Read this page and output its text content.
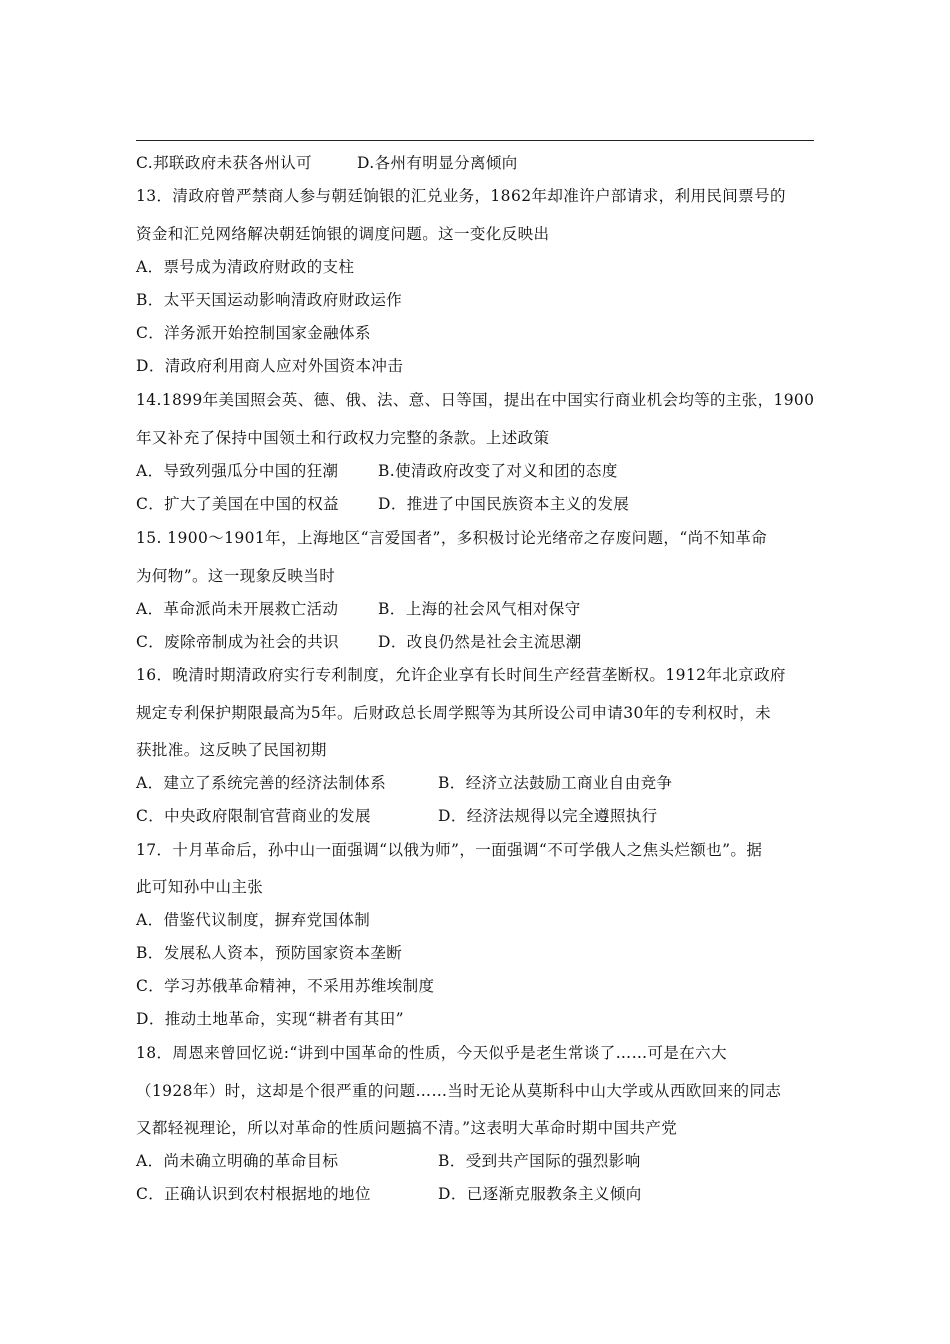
C.邦联政府未获各州认可	D.各州有明显分离倾向
13．清政府曾严禁商人参与朝廷饷银的汇兑业务，1862年却准许户部请求，利用民间票号的
资金和汇兑网络解决朝廷饷银的调度问题。这一变化反映出
A．票号成为清政府财政的支柱
B．太平天国运动影响清政府财政运作
C．洋务派开始控制国家金融体系
D．清政府利用商人应对外国资本冲击
14.1899年美国照会英、德、俄、法、意、日等国，提出在中国实行商业机会均等的主张，1900
年又补充了保持中国领土和行政权力完整的条款。上述政策
A．导致列强瓜分中国的狂潮	B.使清政府改变了对义和团的态度
C．扩大了美国在中国的权益	D．推进了中国民族资本主义的发展
15. 1900～1901年，上海地区“言爱国者”，多积极讨论光绪帝之存废问题，“尚不知革命
为何物”。这一现象反映当时
A．革命派尚未开展救亡活动	B．上海的社会风气相对保守
C．废除帝制成为社会的共识	D．改良仍然是社会主流思潮
16．晚清时期清政府实行专利制度，允许企业享有长时间生产经营垄断权。1912年北京政府
规定专利保护期限最高为5年。后财政总长周学熙等为其所设公司申请30年的专利权时，未
获批准。这反映了民国初期
A．建立了系统完善的经济法制体系	B．经济立法鼓励工商业自由竞争
C．中央政府限制官营商业的发展	D．经济法规得以完全遵照执行
17．十月革命后，孙中山一面强调“以俄为师”，一面强调“不可学俄人之焦头烂额也”。据
此可知孙中山主张
A．借鉴代议制度，摒弃党国体制
B．发展私人资本，预防国家资本垄断
C．学习苏俄革命精神，不采用苏维埃制度
D．推动土地革命，实现“耕者有其田”
18．周恩来曾回忆说:“讲到中国革命的性质，今天似乎是老生常谈了……可是在六大
（1928年）时，这却是个很严重的问题……当时无论从莫斯科中山大学或从西欧回来的同志
又都轻视理论，所以对革命的性质问题搞不清。”这表明大革命时期中国共产党
A．尚未确立明确的革命目标	B．受到共产国际的强烈影响
C．正确认识到农村根据地的地位	D．已逐渐克服教条主义倾向
